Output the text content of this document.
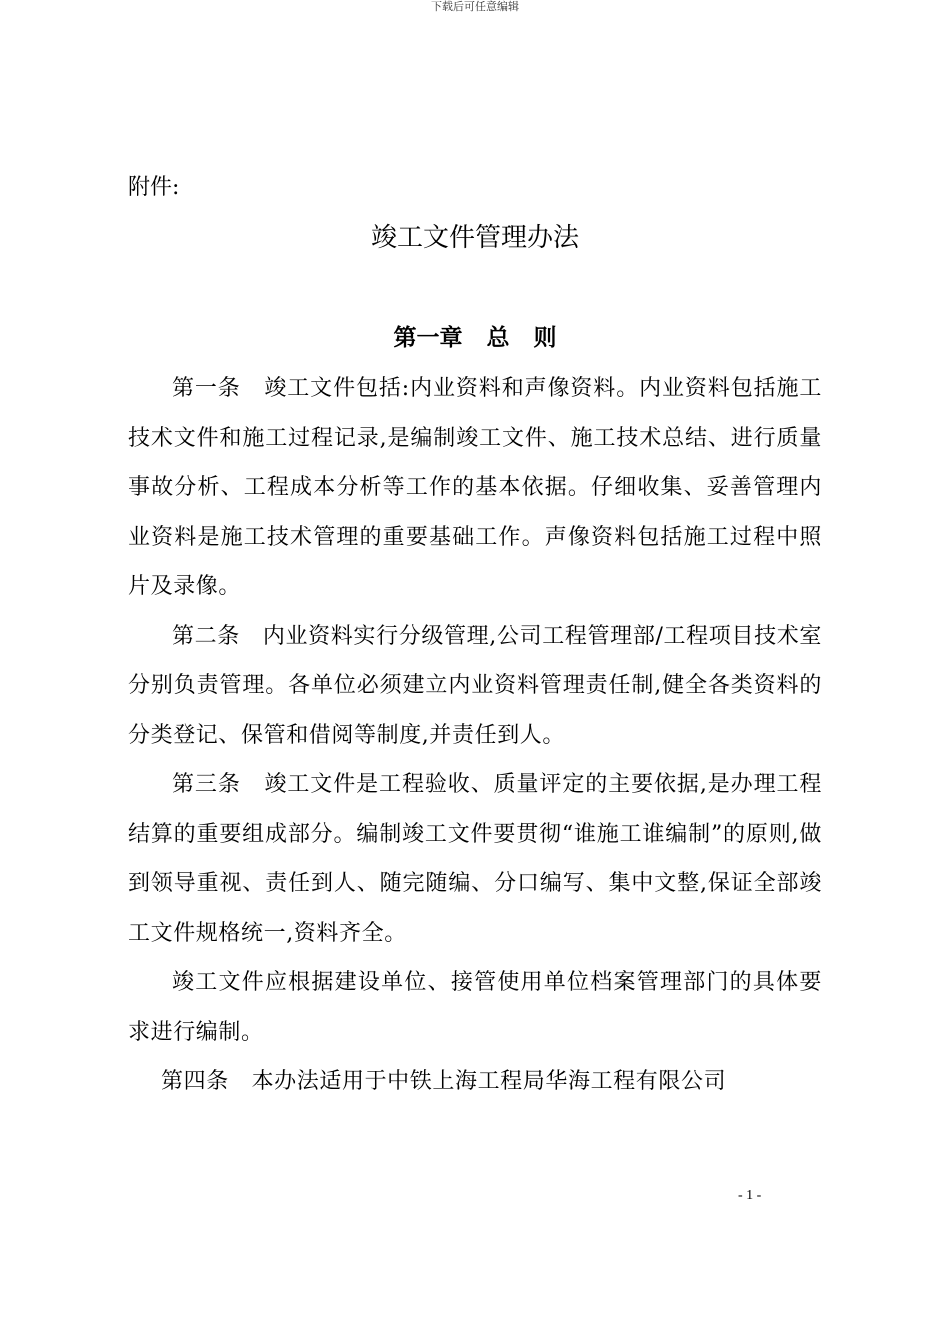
下载后可任意编辑
附件:
竣工文件管理办法
第一章   总   则

第一条   竣工文件包括:内业资料和声像资料。内业资料包括施工技术文件和施工过程记录,是编制竣工文件、施工技术总结、进行质量事故分析、工程成本分析等工作的基本依据。仔细收集、妥善管理内业资料是施工技术管理的重要基础工作。声像资料包括施工过程中照片及录像。

第二条   内业资料实行分级管理,公司工程管理部/工程项目技术室分别负责管理。各单位必须建立内业资料管理责任制,健全各类资料的分类登记、保管和借阅等制度,并责任到人。

第三条   竣工文件是工程验收、质量评定的主要依据,是办理工程结算的重要组成部分。编制竣工文件要贯彻“谁施工谁编制”的原则,做到领导重视、责任到人、随完随编、分口编写、集中文整,保证全部竣工文件规格统一,资料齐全。

竣工文件应根据建设单位、接管使用单位档案管理部门的具体要求进行编制。

第四条   本办法适用于中铁上海工程局华海工程有限公司

- 1 -
